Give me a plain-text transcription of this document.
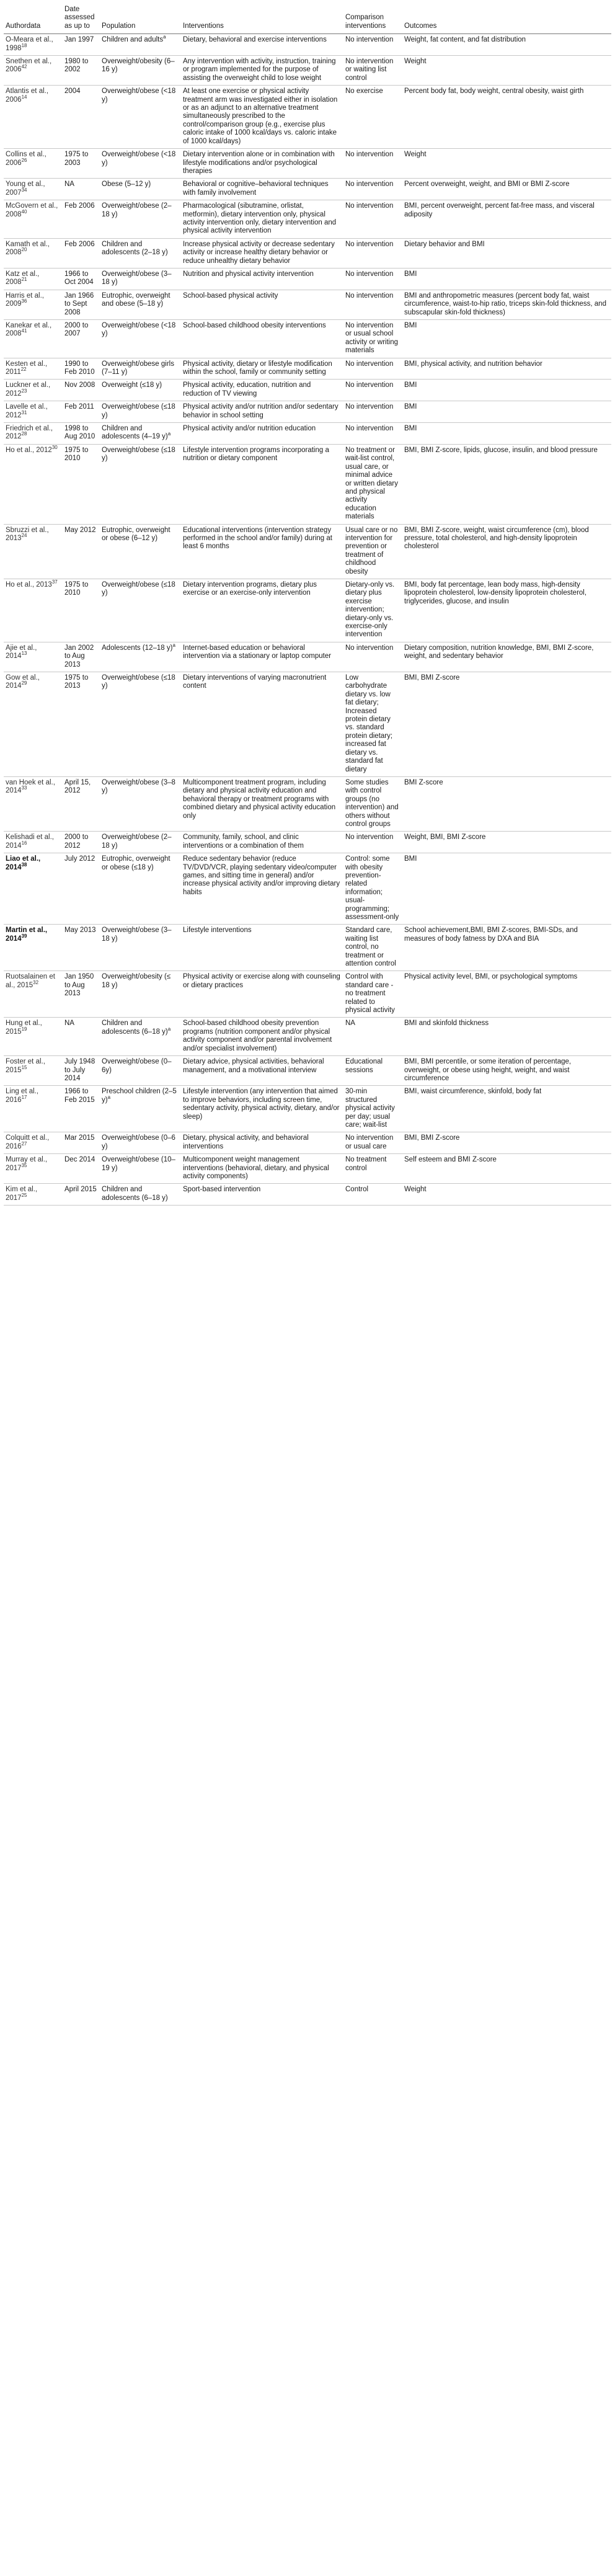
Authordata	Date assessed as up to	Population	Interventions	Comparison interventions	Outcomes
O-Meara et al., 1998$^{18}$	Jan 1997	Children and adults$^a$	Dietary, behavioral and exercise interventions	No intervention	Weight, fat content, and fat distribution
Snethen et al., 2006$^{42}$	1980 to 2002	Overweight/obesity (6–16 y)	Any intervention with activity, instruction, training or program implemented for the purpose of assisting the overweight child to lose weight	No intervention or waiting list control	Weight
Atlantis et al., 2006$^{14}$	2004	Overweight/obese (<18 y)	At least one exercise or physical activity treatment arm was investigated either in isolation or as an adjunct to an alternative treatment simultaneously prescribed to the control/comparison group (e.g., exercise plus caloric intake of 1000 kcal/days vs. caloric intake of 1000 kcal/days)	No exercise	Percent body fat, body weight, central obesity, waist girth
Collins et al., 2006$^{26}$	1975 to 2003	Overweight/obese (<18 y)	Dietary intervention alone or in combination with lifestyle modifications and/or psychological therapies	No intervention	Weight
Young et al., 2007$^{34}$	NA	Obese (5–12 y)	Behavioral or cognitive–behavioral techniques with family involvement	No intervention	Percent overweight, weight, and BMI or BMI Z-score
McGovern et al., 2008$^{40}$	Feb 2006	Overweight/obese (2–18 y)	Pharmacological (sibutramine, orlistat, metformin), dietary intervention only, physical activity intervention only, dietary intervention and physical activity intervention	No intervention	BMI, percent overweight, percent fat-free mass, and visceral adiposity
Kamath et al., 2008$^{20}$	Feb 2006	Children and adolescents (2–18 y)	Increase physical activity or decrease sedentary activity or increase healthy dietary behavior or reduce unhealthy dietary behavior	No intervention	Dietary behavior and BMI
Katz et al., 2008$^{21}$	1966 to Oct 2004	Overweight/obese (3–18 y)	Nutrition and physical activity intervention	No intervention	BMI
Harris et al., 2009$^{36}$	Jan 1966 to Sept 2008	Eutrophic, overweight and obese (5–18 y)	School-based physical activity	No intervention	BMI and anthropometric measures (percent body fat, waist circumference, waist-to-hip ratio, triceps skin-fold thickness, and subscapular skin-fold thickness)
Kanekar et al., 2008$^{41}$	2000 to 2007	Overweight/obese (<18 y)	School-based childhood obesity interventions	No intervention or usual school activity or writing materials	BMI
Kesten et al., 2011$^{22}$	1990 to Feb 2010	Overweight/obese girls (7–11 y)	Physical activity, dietary or lifestyle modification within the school, family or community setting	No intervention	BMI, physical activity, and nutrition behavior
Luckner et al., 2012$^{23}$	Nov 2008	Overweight (≤18 y)	Physical activity, education, nutrition and reduction of TV viewing	No intervention	BMI
Lavelle et al., 2012$^{31}$	Feb 2011	Overweight/obese (≤18 y)	Physical activity and/or nutrition and/or sedentary behavior in school setting	No intervention	BMI
Friedrich et al., 2012$^{28}$	1998 to Aug 2010	Children and adolescents (4–19 y)$^a$	Physical activity and/or nutrition education	No intervention	BMI
Ho et al., 2012$^{30}$	1975 to 2010	Overweight/obese (≤18 y)	Lifestyle intervention programs incorporating a nutrition or dietary component	No treatment or wait-list control, usual care, or minimal advice or written dietary and physical activity education materials	BMI, BMI Z-score, lipids, glucose, insulin, and blood pressure
Sbruzzi et al., 2013$^{24}$	May 2012	Eutrophic, overweight or obese (6–12 y)	Educational interventions (intervention strategy performed in the school and/or family) during at least 6 months	Usual care or no intervention for prevention or treatment of childhood obesity	BMI, BMI Z-score, weight, waist circumference (cm), blood pressure, total cholesterol, and high-density lipoprotein cholesterol
Ho et al., 2013$^{37}$	1975 to 2010	Overweight/obese (≤18 y)	Dietary intervention programs, dietary plus exercise or an exercise-only intervention	Dietary-only vs. dietary plus exercise intervention; dietary-only vs. exercise-only intervention	BMI, body fat percentage, lean body mass, high-density lipoprotein cholesterol, low-density lipoprotein cholesterol, triglycerides, glucose, and insulin
Ajie et al., 2014$^{13}$	Jan 2002 to Aug 2013	Adolescents (12–18 y)$^a$	Internet-based education or behavioral intervention via a stationary or laptop computer	No intervention	Dietary composition, nutrition knowledge, BMI, BMI Z-score, weight, and sedentary behavior
Gow et al., 2014$^{29}$	1975 to 2013	Overweight/obese (≤18 y)	Dietary interventions of varying macronutrient content	Low carbohydrate dietary vs. low fat dietary; Increased protein dietary vs. standard protein dietary; increased fat dietary vs. standard fat dietary	BMI, BMI Z-score
van Hoek et al., 2014$^{33}$	April 15, 2012	Overweight/obese (3–8 y)	Multicomponent treatment program, including dietary and physical activity education and behavioral therapy or treatment programs with combined dietary and physical activity education only	Some studies with control groups (no intervention) and others without control groups	BMI Z-score
Kelishadi et al., 2014$^{16}$	2000 to 2012	Overweight/obese (2–18 y)	Community, family, school, and clinic interventions or a combination of them	No intervention	Weight, BMI, BMI Z-score
Liao et al., 2014$^{38}$	July 2012	Eutrophic, overweight or obese (≤18 y)	Reduce sedentary behavior (reduce TV/DVD/VCR, playing sedentary video/computer games, and sitting time in general) and/or increase physical activity and/or improving dietary habits	Control: some with obesity prevention-related information; usual-programming; assessment-only	BMI
Martin et al., 2014$^{39}$	May 2013	Overweight/obese (3–18 y)	Lifestyle interventions	Standard care, waiting list control, no treatment or attention control	School achievement,BMI, BMI Z-scores, BMI-SDs, and measures of body fatness by DXA and BIA
Ruotsalainen et al., 2015$^{32}$	Jan 1950 to Aug 2013	Overweight/obesity (≤ 18 y)	Physical activity or exercise along with counseling or dietary practices	Control with standard care - no treatment related to physical activity	Physical activity level, BMI, or psychological symptoms
Hung et al., 2015$^{19}$	NA	Children and adolescents (6–18 y)$^a$	School-based childhood obesity prevention programs (nutrition component and/or physical activity component and/or parental involvement and/or specialist involvement)	NA	BMI and skinfold thickness
Foster et al., 2015$^{15}$	July 1948 to July 2014	Overweight/obese (0–6y)	Dietary advice, physical activities, behavioral management, and a motivational interview	Educational sessions	BMI, BMI percentile, or some iteration of percentage, overweight, or obese using height, weight, and waist circumference
Ling et al., 2016$^{17}$	1966 to Feb 2015	Preschool children (2–5 y)$^a$	Lifestyle intervention (any intervention that aimed to improve behaviors, including screen time, sedentary activity, physical activity, dietary, and/or sleep)	30-min structured physical activity per day; usual care; wait-list	BMI, waist circumference, skinfold, body fat
Colquitt et al., 2016$^{27}$	Mar 2015	Overweight/obese (0–6 y)	Dietary, physical activity, and behavioral interventions	No intervention or usual care	BMI, BMI Z-score
Murray et al., 2017$^{35}$	Dec 2014	Overweight/obese (10–19 y)	Multicomponent weight management interventions (behavioral, dietary, and physical activity components)	No treatment control	Self esteem and BMI Z-score
Kim et al., 2017$^{25}$	April 2015	Children and adolescents (6–18 y)	Sport-based intervention	Control	Weight
